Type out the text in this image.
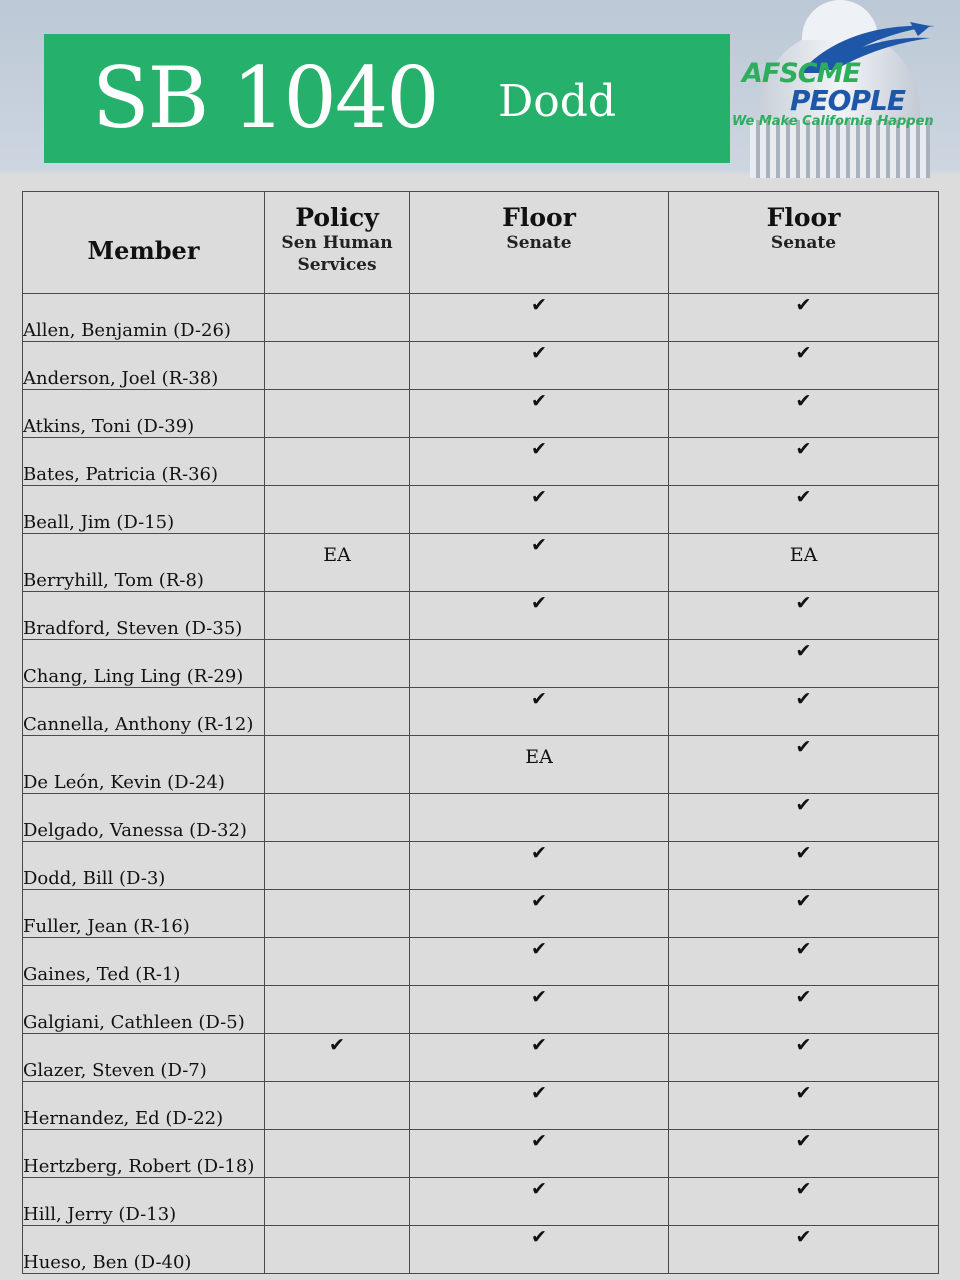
SB 1040 Dodd
AFSCME
PEOPLE
We Make California Happen
Member	Policy
Sen Human
Services	Floor
Senate	Floor
Senate

Allen, Benjamin (D-26)		✔	✔
Anderson, Joel (R-38)		✔	✔
Atkins, Toni (D-39)		✔	✔
Bates, Patricia (R-36)		✔	✔
Beall, Jim (D-15)		✔	✔
Berryhill, Tom (R-8)	EA	✔	EA
Bradford, Steven (D-35)		✔	✔
Chang, Ling Ling (R-29)			✔
Cannella, Anthony (R-12)		✔	✔
De León, Kevin (D-24)		EA	✔
Delgado, Vanessa (D-32)			✔
Dodd, Bill (D-3)		✔	✔
Fuller, Jean (R-16)		✔	✔
Gaines, Ted (R-1)		✔	✔
Galgiani, Cathleen (D-5)		✔	✔
Glazer, Steven (D-7)	✔	✔	✔
Hernandez, Ed (D-22)		✔	✔
Hertzberg, Robert (D-18)		✔	✔
Hill, Jerry (D-13)		✔	✔
Hueso, Ben (D-40)		✔	✔
